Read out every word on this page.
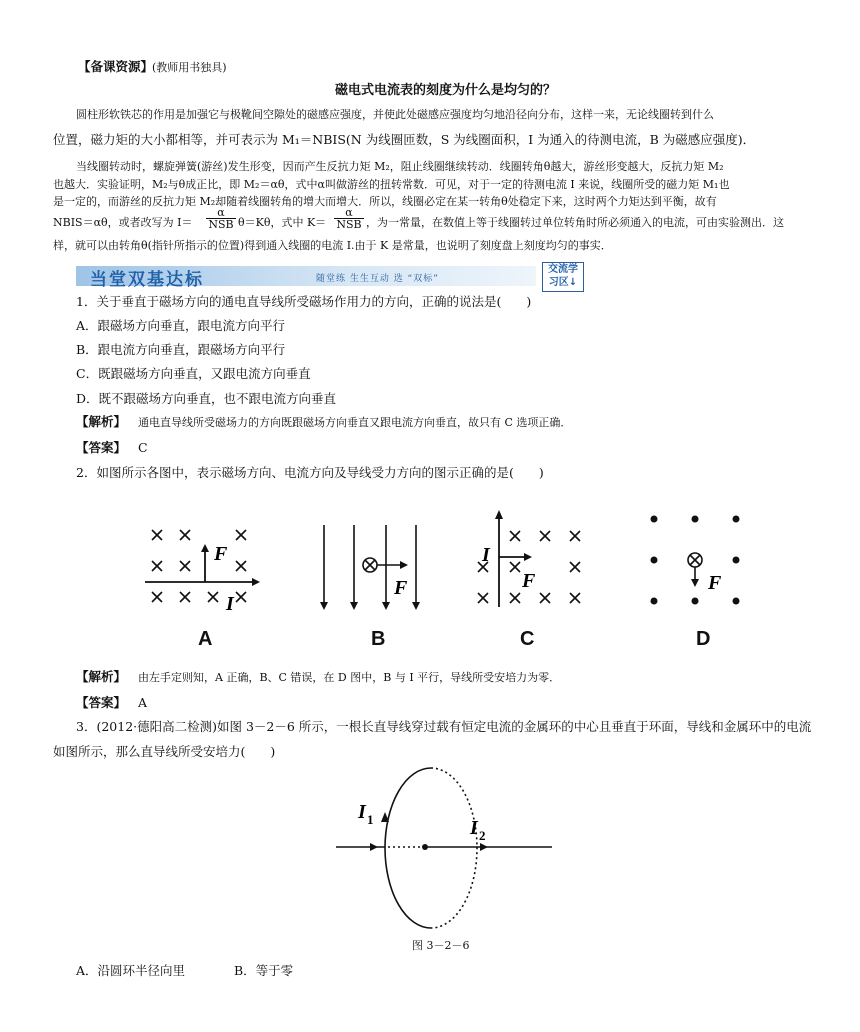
【备课资源】
(教师用书独具)
磁电式电流表的刻度为什么是均匀的？
圆柱形软铁芯的作用是加强它与极靴间空隙处的磁感应强度，并使此处磁感应强度均匀地沿径向分布，这样一来，无论线圈转到什么
位置，磁力矩的大小都相等，并可表示为 M₁＝NBIS(N 为线圈匝数，S 为线圈面积，I 为通入的待测电流，B 为磁感应强度)．
当线圈转动时，螺旋弹簧(游丝)发生形变，因而产生反抗力矩 M₂，阻止线圈继续转动．线圈转角θ越大，游丝形变越大，反抗力矩 M₂
也越大．实验证明，M₂与θ成正比，即 M₂＝αθ，式中α叫做游丝的扭转常数．可见，对于一定的待测电流 I 来说，线圈所受的磁力矩 M₁也
是一定的，而游丝的反抗力矩 M₂却随着线圈转角的增大而增大．所以，线圈必定在某一转角θ处稳定下来，这时两个力矩达到平衡，故有
NBIS＝αθ，或者改写为 I＝
α
NSB θ＝Kθ，式中 K＝
α
NSB ，为一常量，在数值上等于线圈转过单位转角时所必须通入的电流，可由实验测出．这
样，就可以由转角θ(指针所指示的位置)得到通入线圈的电流 I.由于 K 是常量，也说明了刻度盘上刻度均匀的事实．
当堂双基达标	随堂练 生生互动 选 “双标”
交流学
习区↓
1．关于垂直于磁场方向的通电直导线所受磁场作用力的方向，正确的说法是(　　)
A．跟磁场方向垂直，跟电流方向平行
B．跟电流方向垂直，跟磁场方向平行
C．既跟磁场方向垂直，又跟电流方向垂直
D．既不跟磁场方向垂直，也不跟电流方向垂直
【解析】 通电直导线所受磁场力的方向既跟磁场方向垂直又跟电流方向垂直，故只有 C 选项正确．
【答案】 C
2．如图所示各图中，表示磁场方向、电流方向及导线受力方向的图示正确的是(　　)
F
I
A
F
B
I
F
C
F
D
【解析】 由左手定则知，A 正确，B、C 错误，在 D 图中，B 与 I 平行，导线所受安培力为零．
【答案】 A
3．(2012·德阳高二检测)如图 3－2－6 所示，一根长直导线穿过载有恒定电流的金属环的中心且垂直于环面，导线和金属环中的电流
如图所示，那么直导线所受安培力(　　)
I 1	I 2
图 3－2－6
A．沿圆环半径向里	B．等于零
